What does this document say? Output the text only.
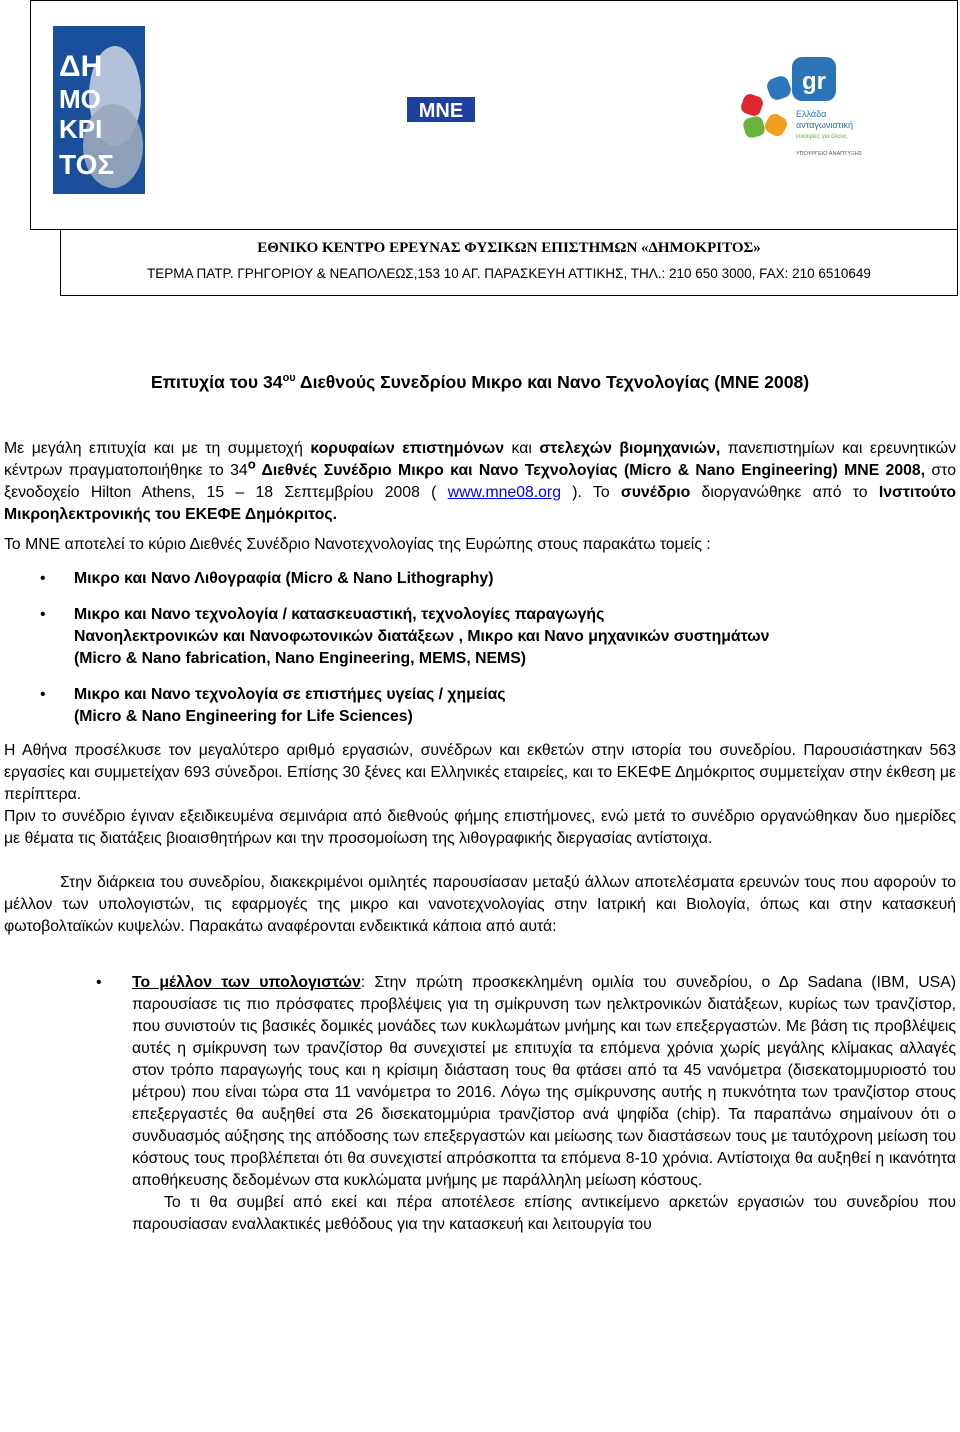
ΔΗ
ΜΟ
ΚΡΙ
ΤΟΣ
MNE
gr
Ελλάδα
ανταγωνιστική
ευκαιρίες για όλους
ΥΠΟΥΡΓΕΙΟ ΑΝΑΠΤΥΞΗΣ
ΕΘΝΙΚΟ ΚΕΝΤΡΟ ΕΡΕΥΝΑΣ ΦΥΣΙΚΩΝ ΕΠΙΣΤΗΜΩΝ «ΔΗΜΟΚΡΙΤΟΣ»
ΤΕΡΜΑ ΠΑΤΡ. ΓΡΗΓΟΡΙΟΥ & ΝΕΑΠΟΛΕΩΣ,153 10 ΑΓ. ΠΑΡΑΣΚΕΥΗ ΑΤΤΙΚΗΣ, ΤΗΛ.: 210 650 3000, FAX: 210 6510649
Επιτυχία του $34^{o\upsilon}$ Διεθνούς Συνεδρίου Μικρο και Νανο Τεχνολογίας (MNE 2008)

Με μεγάλη επιτυχία και με τη συμμετοχή κορυφαίων επιστημόνων και στελεχών βιομηχανιών, πανεπιστημίων και ερευνητικών κέντρων πραγματοποιήθηκε το $34^o$ Διεθνές Συνέδριο Μικρο και Νανο Τεχνολογίας (Micro & Nano Engineering) MNE 2008, στο ξενοδοχείο Hilton Athens, 15 – 18 Σεπτεμβρίου 2008 ( www.mne08.org ). Το συνέδριο διοργανώθηκε από το Ινστιτούτο Μικροηλεκτρονικής του ΕΚΕΦΕ Δημόκριτος.

Το MNE αποτελεί το κύριο Διεθνές Συνέδριο Νανοτεχνολογίας της Ευρώπης στους παρακάτω τομείς :

• Μικρο και Νανο Λιθογραφία (Micro & Nano Lithography)
• Μικρο και Νανο τεχνολογία / κατασκευαστική, τεχνολογίες παραγωγής
Νανοηλεκτρονικών και Νανοφωτονικών διατάξεων , Μικρο και Νανο μηχανικών συστημάτων
(Micro & Nano fabrication, Nano Engineering, MEMS, NEMS)
• Μικρο και Νανο τεχνολογία σε επιστήμες υγείας / χημείας
(Micro & Nano Engineering for Life Sciences)

Η Αθήνα προσέλκυσε τον μεγαλύτερο αριθμό εργασιών, συνέδρων και εκθετών στην ιστορία του συνεδρίου. Παρουσιάστηκαν 563 εργασίες και συμμετείχαν 693 σύνεδροι. Επίσης 30 ξένες και Ελληνικές εταιρείες, και το ΕΚΕΦΕ Δημόκριτος συμμετείχαν στην έκθεση με περίπτερα.

Πριν το συνέδριο έγιναν εξειδικευμένα σεμινάρια από διεθνούς φήμης επιστήμονες, ενώ μετά το συνέδριο οργανώθηκαν δυο ημερίδες με θέματα τις διατάξεις βιοαισθητήρων και την προσομοίωση της λιθογραφικής διεργασίας αντίστοιχα.

Στην διάρκεια του συνεδρίου, διακεκριμένοι ομιλητές παρουσίασαν μεταξύ άλλων αποτελέσματα ερευνών τους που αφορούν το μέλλον των υπολογιστών, τις εφαρμογές της μικρο και νανοτεχνολογίας στην Ιατρική και Βιολογία, όπως και στην κατασκευή φωτοβολταϊκών κυψελών. Παρακάτω αναφέρονται ενδεικτικά κάποια από αυτά:

• Το μέλλον των υπολογιστών: Στην πρώτη προσκεκλημένη ομιλία του συνεδρίου, ο Δρ Sadana (IBM, USA) παρουσίασε τις πιο πρόσφατες προβλέψεις για τη σμίκρυνση των ηελκτρονικών διατάξεων, κυρίως των τρανζίστορ, που συνιστούν τις βασικές δομικές μονάδες των κυκλωμάτων μνήμης και των επεξεργαστών. Με βάση τις προβλέψεις αυτές η σμίκρυνση των τρανζίστορ θα συνεχιστεί με επιτυχία τα επόμενα χρόνια χωρίς μεγάλης κλίμακας αλλαγές στον τρόπο παραγωγής τους και η κρίσιμη διάσταση τους θα φτάσει από τα 45 νανόμετρα (δισεκατομμυριοστό του μέτρου) που είναι τώρα στα 11 νανόμετρα το 2016. Λόγω της σμίκρυνσης αυτής η πυκνότητα των τρανζίστορ στους επεξεργαστές θα αυξηθεί στα 26 δισεκατομμύρια τρανζίστορ ανά ψηφίδα (chip). Τα παραπάνω σημαίνουν ότι ο συνδυασμός αύξησης της απόδοσης των επεξεργαστών και μείωσης των διαστάσεων τους με ταυτόχρονη μείωση του κόστους τους προβλέπεται ότι θα συνεχιστεί απρόσκοπτα τα επόμενα 8-10 χρόνια. Αντίστοιχα θα αυξηθεί η ικανότητα αποθήκευσης δεδομένων στα κυκλώματα μνήμης με παράλληλη μείωση κόστους.
Το τι θα συμβεί από εκεί και πέρα αποτέλεσε επίσης αντικείμενο αρκετών εργασιών του συνεδρίου που παρουσίασαν εναλλακτικές μεθόδους για την κατασκευή και λειτουργία του
